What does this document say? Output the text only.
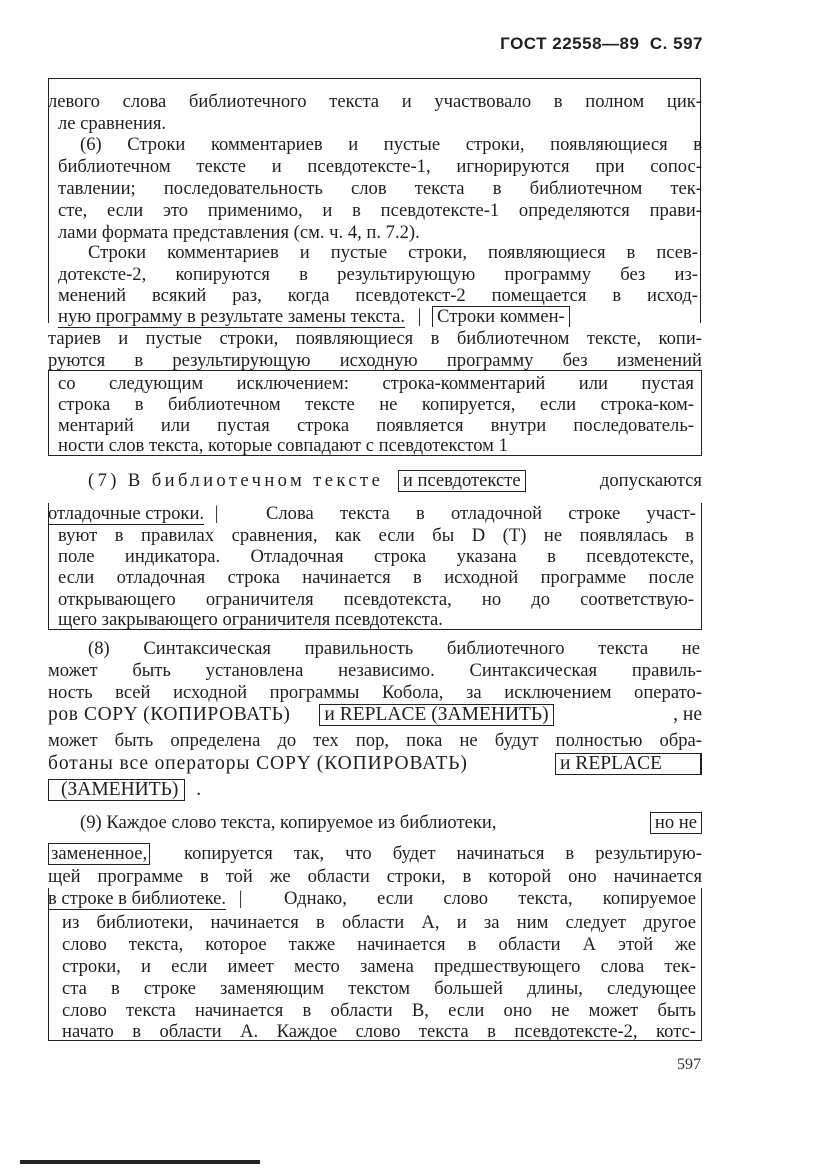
ГОСТ 22558—89 С. 597
левого слова библиотечного текста и участвовало в полном цик-
ле сравнения.
(6) Строки комментариев и пустые строки, появляющиеся в
библиотечном тексте и псевдотексте-1, игнорируются при сопос-
тавлении; последовательность слов текста в библиотечном тек-
сте, если это применимо, и в псевдотексте-1 определяются прави-
лами формата представления (см. ч. 4, п. 7.2).
Строки комментариев и пустые строки, появляющиеся в псев-
дотексте-2, копируются в результирующую программу без из-
менений всякий раз, когда псевдотекст-2 помещается в исход-
ную программу в результате замены текста. | Строки коммен-
тариев и пустые строки, появляющиеся в библиотечном тексте, копи-
руются в результирующую исходную программу без изменений
со следующим исключением: строка-комментарий или пустая
строка в библиотечном тексте не копируется, если строка-ком-
ментарий или пустая строка появляется внутри последователь-
ности слов текста, которые совпадают с псевдотекстом 1
(7) В библиотечном тексте и псевдотексте	допускаются
отладочные строки. |	Слова текста в отладочной строке участ-
вуют в правилах сравнения, как если бы D (Т) не появлялась в
поле индикатора. Отладочная строка указана в псевдотексте,
если отладочная строка начинается в исходной программе после
открывающего ограничителя псевдотекста, но до соответствую-
щего закрывающего ограничителя псевдотекста.
(8) Синтаксическая правильность библиотечного текста не
может быть установлена независимо. Синтаксическая правиль-
ность всей исходной программы Кобола, за исключением операто-
ров COPY (КОПИРОВАТЬ) и REPLACE (ЗАМЕНИТЬ)	, не
может быть определена до тех пор, пока не будут полностью обра-
ботаны все операторы COPY (КОПИРОВАТЬ)	и REPLACE
(ЗАМЕНИТЬ) .
(9) Каждое слово текста, копируемое из библиотеки,	но не
замененное, копируется так, что будет начинаться в результирую-
щей программе в той же области строки, в которой оно начинается
в строке в библиотеке. | Однако, если слово текста, копируемое
из библиотеки, начинается в области А, и за ним следует другое
слово текста, которое также начинается в области А этой же
строки, и если имеет место замена предшествующего слова тек-
ста в строке заменяющим текстом большей длины, следующее
слово текста начинается в области В, если оно не может быть
начато в области А. Каждое слово текста в псевдотексте-2, котс-
597
